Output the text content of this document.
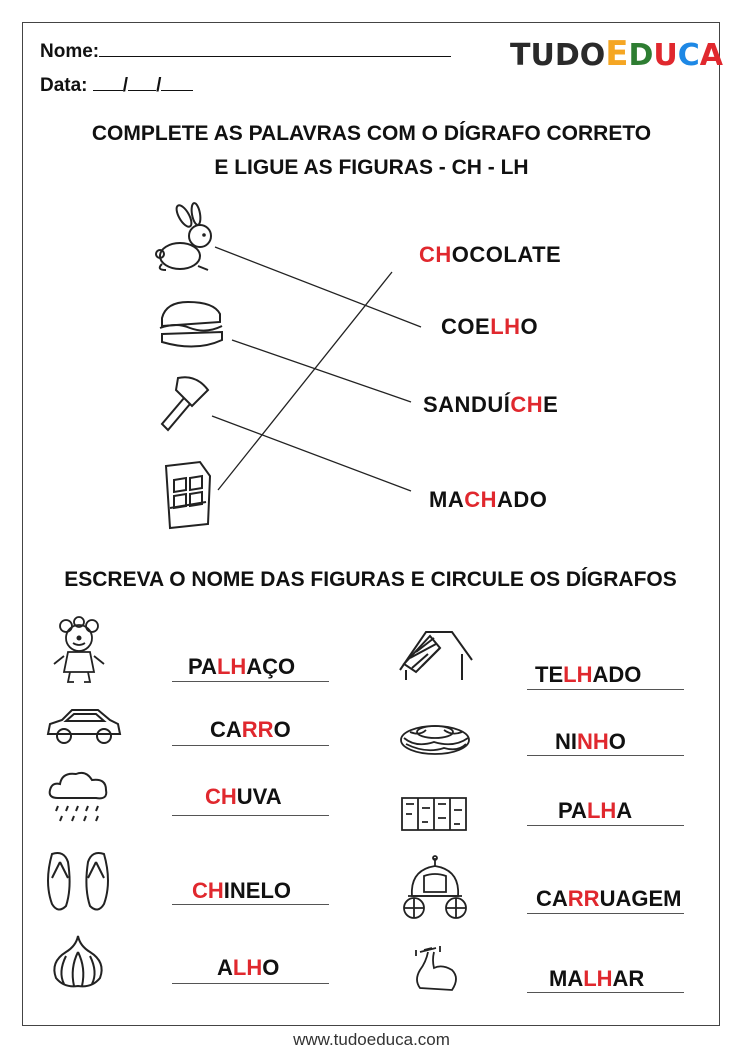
Nome:
Data: / /
TUDOEDUCA
COMPLETE AS PALAVRAS COM O DÍGRAFO CORRETO
E LIGUE AS FIGURAS - CH - LH
CHOCOLATE
COELHO
SANDUÍCHE
MACHADO
ESCREVA O NOME DAS FIGURAS E CIRCULE OS DÍGRAFOS
PALHAÇO
CARRO
CHUVA
CHINELO
ALHO
TELHADO
NINHO
PALHA
CARRUAGEM
MALHAR
www.tudoeduca.com
